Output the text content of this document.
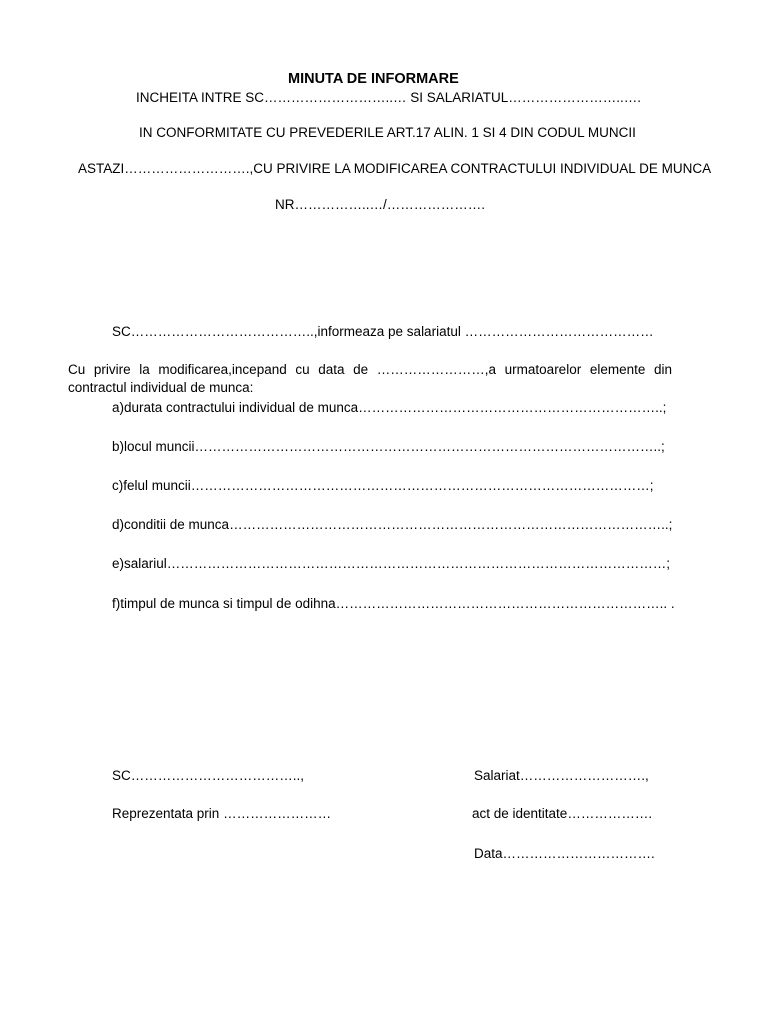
MINUTA DE INFORMARE
INCHEITA INTRE SC………………………..… SI SALARIATUL……………………..….
IN CONFORMITATE CU PREVEDERILE ART.17 ALIN. 1 SI 4 DIN CODUL MUNCII
ASTAZI……………………….,CU PRIVIRE LA MODIFICAREA CONTRACTULUI INDIVIDUAL DE MUNCA
NR……………..…/………………….
SC…………………………………..,informeaza pe salariatul ……………………………………
Cu privire la modificarea,incepand cu data de ……………………,a urmatoarelor elemente din
contractul individual de munca:
a)durata contractului individual de munca…………………………………………………………..;
b)locul muncii…………………………………………………………………………………………..;
c)felul muncii…………………………………………………………………………………………;
d)conditii de munca……………………………………………………………………………………..;
e)salariul…………………………………………………………………………………………………;
f)timpul de munca si timpul de odihna……………………………………………………………….. .
SC………………………………..,	Salariat……………………….,
Reprezentata prin ……………………	act de identitate……………….
Data…………………………….
